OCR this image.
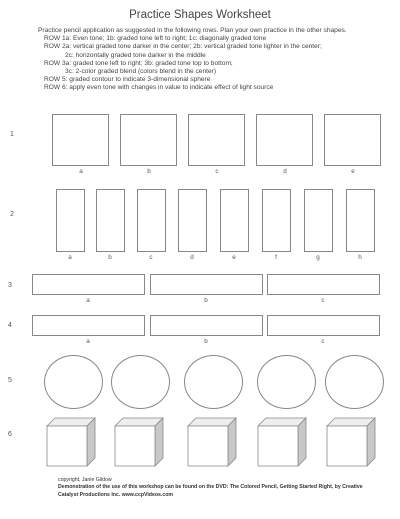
Practice Shapes Worksheet
Practice pencil application as suggested in the following rows. Plan your own practice in the other shapes.
ROW 1a: Even tone; 1b: graded tone left to right; 1c: diagonally graded tone
ROW 2a: vertical graded tone darker in the center; 2b: vertical graded tone lighter in the center;
2c: horizontally graded tone darker in the middle
ROW 3a: graded tone left to right; 3b: graded tone top to bottom;
3c: 2-color graded blend (colors blend in the center)
ROW 5: graded contour to indicate 3-dimensional sphere
ROW 6: apply even tone with changes in value to indicate effect of light source
1
a	b	c	d	e
2
a	b	c	d	e	f	g	h
3
a	b	c
4
a	b	c
5
6
copyright, Janie Gildow
Demonstration of the use of this workshop can be found on the DVD: The Colored Pencil, Getting Started Right, by Creative
Catalyst Productions Inc. www.ccpVideos.com
